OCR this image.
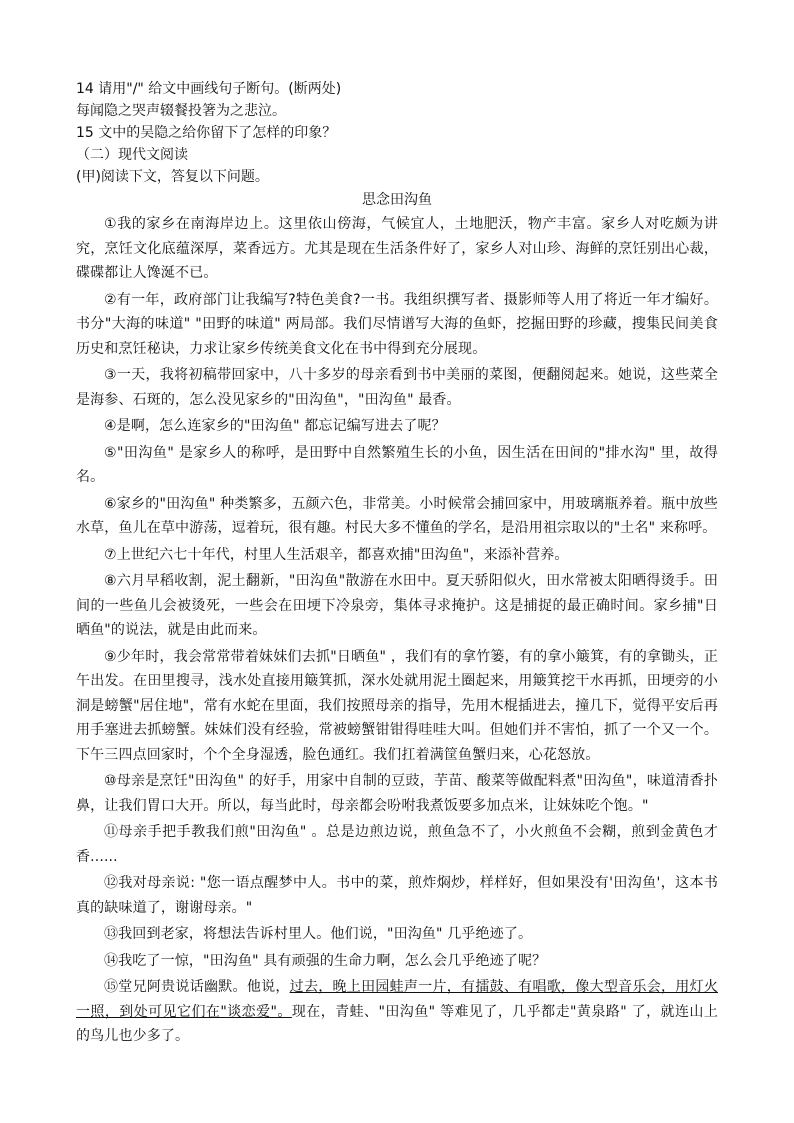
14 请用"/" 给文中画线句子断句。(断两处)

每闻隐之哭声辍餐投箸为之悲泣。

15 文中的吴隐之给你留下了怎样的印象？

（二）现代文阅读

(甲)阅读下文，答复以下问题。

思念田沟鱼

①我的家乡在南海岸边上。这里依山傍海，气候宜人，土地肥沃，物产丰富。家乡人对吃颇为讲究，烹饪文化底蕴深厚，菜香远方。尤其是现在生活条件好了，家乡人对山珍、海鲜的烹饪别出心裁，碟碟都让人馋涎不已。

②有一年，政府部门让我编写?特色美食?一书。我组织撰写者、摄影师等人用了将近一年才编好。书分"大海的味道" "田野的味道" 两局部。我们尽情谱写大海的鱼虾，挖掘田野的珍藏，搜集民间美食历史和烹饪秘诀，力求让家乡传统美食文化在书中得到充分展现。

③一天，我将初稿带回家中，八十多岁的母亲看到书中美丽的菜图，便翻阅起来。她说，这些菜全是海参、石斑的，怎么没见家乡的"田沟鱼"，"田沟鱼" 最香。

④是啊，怎么连家乡的"田沟鱼" 都忘记编写进去了呢？

⑤"田沟鱼" 是家乡人的称呼，是田野中自然繁殖生长的小鱼，因生活在田间的"排水沟" 里，故得名。

⑥家乡的"田沟鱼" 种类繁多，五颜六色，非常美。小时候常会捕回家中，用玻璃瓶养着。瓶中放些水草，鱼儿在草中游荡，逗着玩，很有趣。村民大多不懂鱼的学名，是沿用祖宗取以的"土名" 来称呼。

⑦上世纪六七十年代，村里人生活艰辛，都喜欢捕"田沟鱼"，来添补营养。

⑧六月早稻收割，泥土翻新，"田沟鱼"散游在水田中。夏天骄阳似火，田水常被太阳晒得烫手。田间的一些鱼儿会被烫死，一些会在田埂下冷泉旁，集体寻求掩护。这是捕捉的最正确时间。家乡捕"日晒鱼"的说法，就是由此而来。

⑨少年时，我会常常带着妹妹们去抓"日晒鱼" ，我们有的拿竹篓，有的拿小簸箕，有的拿锄头，正午出发。在田里搜寻，浅水处直接用簸箕抓，深水处就用泥土圈起来，用簸箕挖干水再抓，田埂旁的小洞是螃蟹"居住地"，常有水蛇在里面，我们按照母亲的指导，先用木棍插进去，撞几下，觉得平安后再用手塞进去抓螃蟹。妹妹们没有经验，常被螃蟹钳钳得哇哇大叫。但她们并不害怕，抓了一个又一个。下午三四点回家时，个个全身湿透，脸色通红。我们扛着满筐鱼蟹归来，心花怒放。

⑩母亲是烹饪"田沟鱼" 的好手，用家中自制的豆豉，芋苗、酸菜等做配料煮"田沟鱼"，味道清香扑鼻，让我们胃口大开。所以，每当此时，母亲都会吩咐我煮饭要多加点米，让妹妹吃个饱。"

⑪母亲手把手教我们煎"田沟鱼" 。总是边煎边说，煎鱼急不了，小火煎鱼不会糊，煎到金黄色才香......

⑫我对母亲说: "您一语点醒梦中人。书中的菜，煎炸焖炒，样样好，但如果没有'田沟鱼'，这本书真的缺味道了，谢谢母亲。"

⑬我回到老家，将想法告诉村里人。他们说，"田沟鱼" 几乎绝迹了。

⑭我吃了一惊，"田沟鱼" 具有顽强的生命力啊，怎么会几乎绝迹了呢？

⑮堂兄阿贵说话幽默。他说，过去，晚上田园蛙声一片，有擂鼓、有唱歌，像大型音乐会，用灯火一照，到处可见它们在"谈恋爱"。现在，青蛙、"田沟鱼" 等难见了，几乎都走"黄泉路" 了，就连山上的鸟儿也少多了。
